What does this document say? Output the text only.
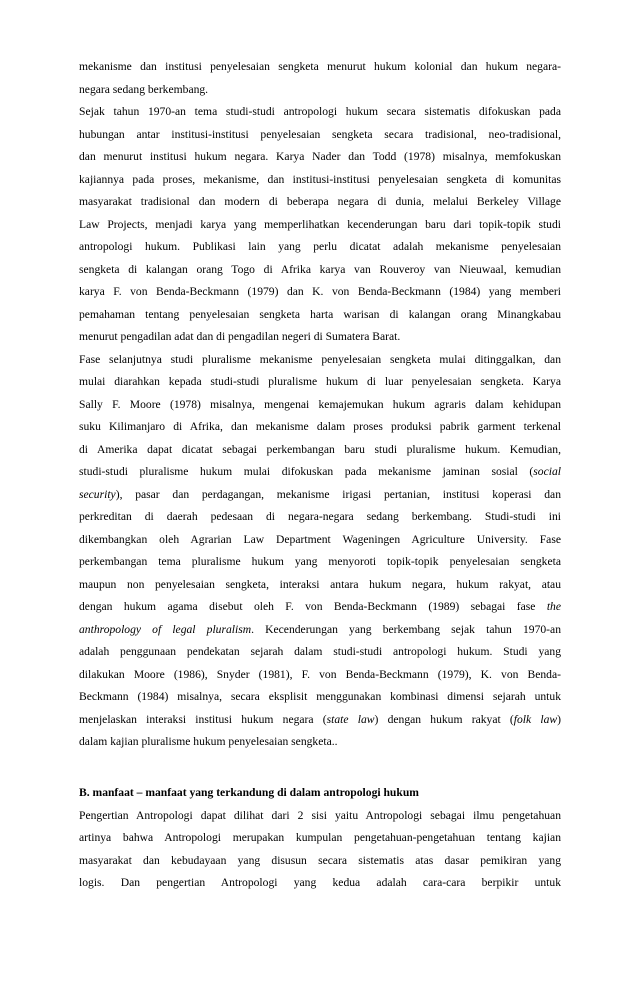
mekanisme dan institusi penyelesaian sengketa menurut hukum kolonial dan hukum negara-
negara sedang berkembang.
Sejak tahun 1970-an tema studi-studi antropologi hukum secara sistematis difokuskan pada
hubungan antar institusi-institusi penyelesaian sengketa secara tradisional, neo-tradisional,
dan menurut institusi hukum negara. Karya Nader dan Todd (1978) misalnya, memfokuskan
kajiannya pada proses, mekanisme, dan institusi-institusi penyelesaian sengketa di komunitas
masyarakat tradisional dan modern di beberapa negara di dunia, melalui Berkeley Village
Law Projects, menjadi karya yang memperlihatkan kecenderungan baru dari topik-topik studi
antropologi hukum. Publikasi lain yang perlu dicatat adalah mekanisme penyelesaian
sengketa di kalangan orang Togo di Afrika karya van Rouveroy van Nieuwaal, kemudian
karya F. von Benda-Beckmann (1979) dan K. von Benda-Beckmann (1984) yang memberi
pemahaman tentang penyelesaian sengketa harta warisan di kalangan orang Minangkabau
menurut pengadilan adat dan di pengadilan negeri di Sumatera Barat.
Fase selanjutnya studi pluralisme mekanisme penyelesaian sengketa mulai ditinggalkan, dan
mulai diarahkan kepada studi-studi pluralisme hukum di luar penyelesaian sengketa. Karya
Sally F. Moore (1978) misalnya, mengenai kemajemukan hukum agraris dalam kehidupan
suku Kilimanjaro di Afrika, dan mekanisme dalam proses produksi pabrik garment terkenal
di Amerika dapat dicatat sebagai perkembangan baru studi pluralisme hukum. Kemudian,
studi-studi pluralisme hukum mulai difokuskan pada mekanisme jaminan sosial (social
security), pasar dan perdagangan, mekanisme irigasi pertanian, institusi koperasi dan
perkreditan di daerah pedesaan di negara-negara sedang berkembang. Studi-studi ini
dikembangkan oleh Agrarian Law Department Wageningen Agriculture University. Fase
perkembangan tema pluralisme hukum yang menyoroti topik-topik penyelesaian sengketa
maupun non penyelesaian sengketa, interaksi antara hukum negara, hukum rakyat, atau
dengan hukum agama disebut oleh F. von Benda-Beckmann (1989) sebagai fase the
anthropology of legal pluralism. Kecenderungan yang berkembang sejak tahun 1970-an
adalah penggunaan pendekatan sejarah dalam studi-studi antropologi hukum. Studi yang
dilakukan Moore (1986), Snyder (1981), F. von Benda-Beckmann (1979), K. von Benda-
Beckmann (1984) misalnya, secara eksplisit menggunakan kombinasi dimensi sejarah untuk
menjelaskan interaksi institusi hukum negara (state law) dengan hukum rakyat (folk law)
dalam kajian pluralisme hukum penyelesaian sengketa..
B. manfaat – manfaat yang terkandung di dalam antropologi hukum
Pengertian Antropologi dapat dilihat dari 2 sisi yaitu Antropologi sebagai ilmu pengetahuan
artinya bahwa Antropologi merupakan kumpulan pengetahuan-pengetahuan tentang kajian
masyarakat dan kebudayaan yang disusun secara sistematis atas dasar pemikiran yang
logis. Dan pengertian Antropologi yang kedua adalah cara-cara berpikir untuk
